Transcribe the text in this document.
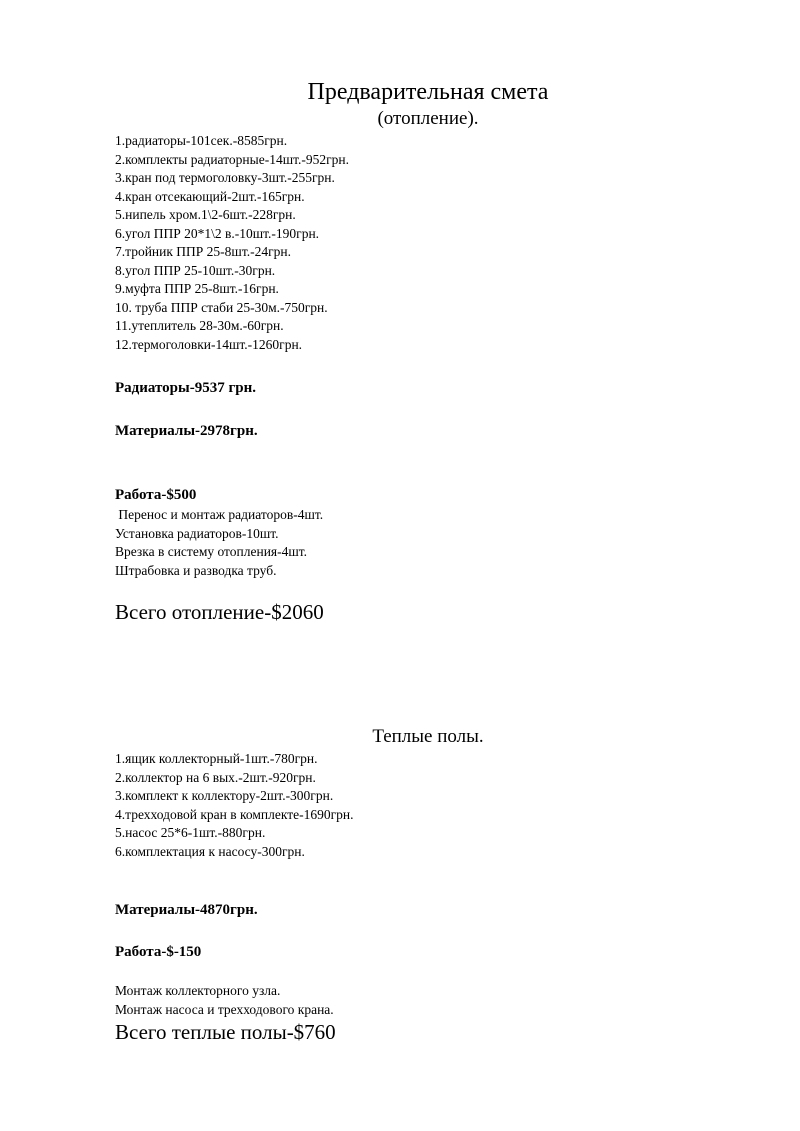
Предварительная смета
(отопление).
1.радиаторы-101сек.-8585грн.
2.комплекты радиаторные-14шт.-952грн.
3.кран под термоголовку-3шт.-255грн.
4.кран отсекающий-2шт.-165грн.
5.нипель хром.1\2-6шт.-228грн.
6.угол ППР 20*1\2 в.-10шт.-190грн.
7.тройник ППР 25-8шт.-24грн.
8.угол ППР 25-10шт.-30грн.
9.муфта ППР 25-8шт.-16грн.
10. труба ППР стаби 25-30м.-750грн.
11.утеплитель 28-30м.-60грн.
12.термоголовки-14шт.-1260грн.
Радиаторы-9537 грн.
Материалы-2978грн.
Работа-$500
Перенос и монтаж радиаторов-4шт.
Установка радиаторов-10шт.
Врезка в систему отопления-4шт.
Штрабовка и разводка труб.
Всего отопление-$2060
Теплые полы.
1.ящик коллекторный-1шт.-780грн.
2.коллектор на 6 вых.-2шт.-920грн.
3.комплект к коллектору-2шт.-300грн.
4.трехходовой кран в комплекте-1690грн.
5.насос 25*6-1шт.-880грн.
6.комплектация к насосу-300грн.
Материалы-4870грн.
Работа-$-150
Монтаж коллекторного узла.
Монтаж насоса и трехходового крана.
Всего теплые полы-$760
